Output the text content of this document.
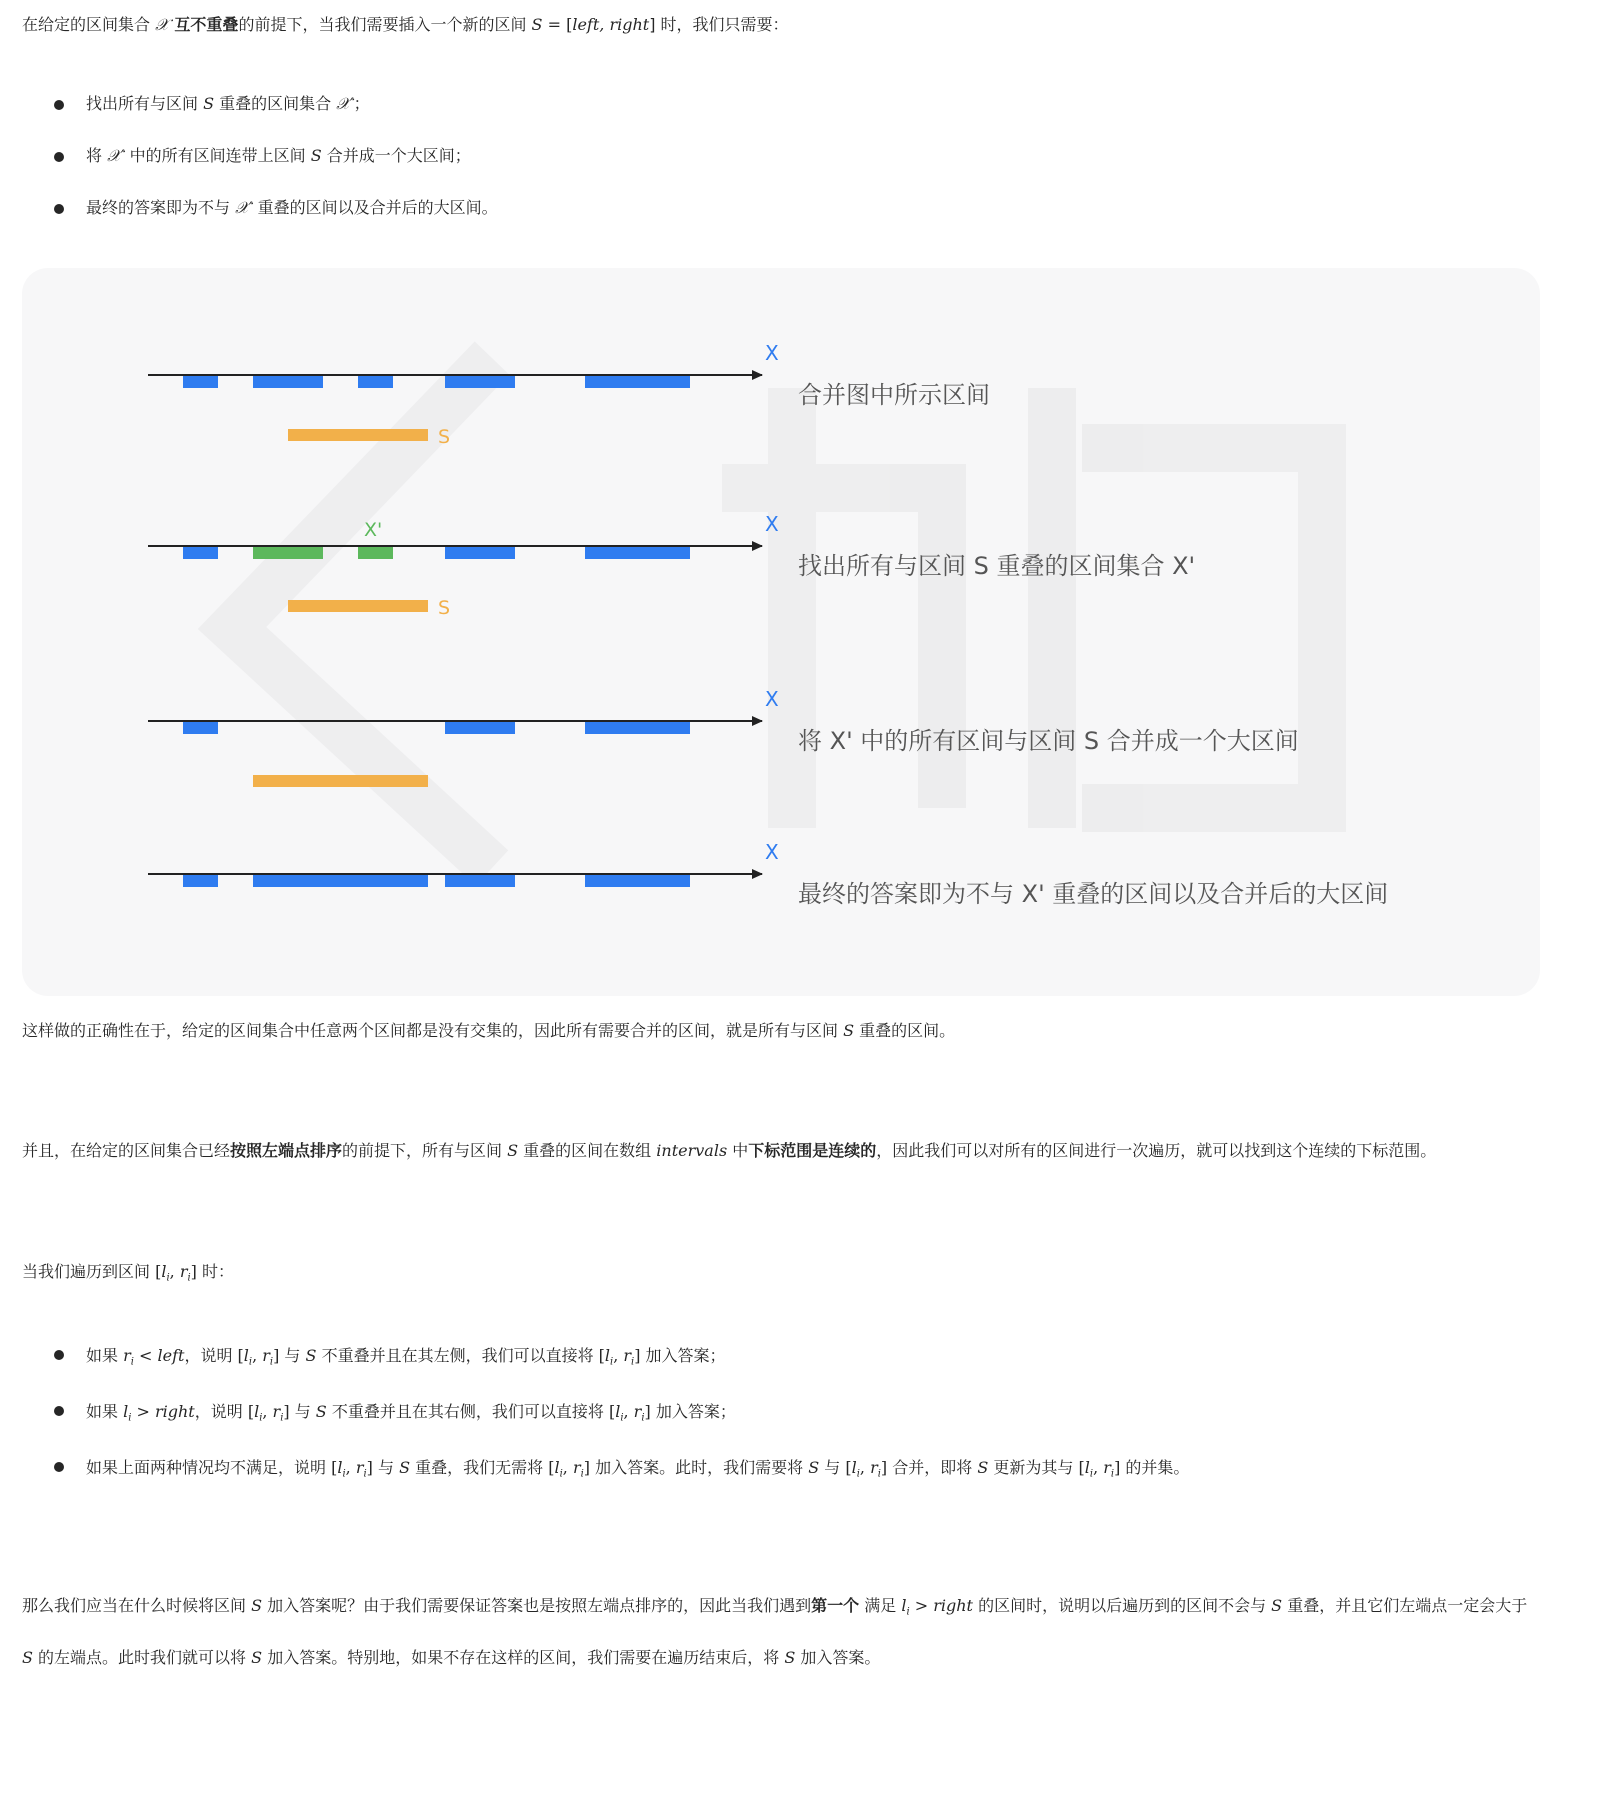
在给定的区间集合 𝒳 互不重叠的前提下，当我们需要插入一个新的区间 S = [left, right] 时，我们只需要：

找出所有与区间 S 重叠的区间集合 𝒳′；
将 𝒳′ 中的所有区间连带上区间 S 合并成一个大区间；
最终的答案即为不与 𝒳′ 重叠的区间以及合并后的大区间。
X
S
合并图中所示区间
X
X'
S
找出所有与区间 S 重叠的区间集合 X'
X
将 X' 中的所有区间与区间 S 合并成一个大区间
X
最终的答案即为不与 X' 重叠的区间以及合并后的大区间

这样做的正确性在于，给定的区间集合中任意两个区间都是没有交集的，因此所有需要合并的区间，就是所有与区间 S 重叠的区间。

并且，在给定的区间集合已经按照左端点排序的前提下，所有与区间 S 重叠的区间在数组 intervals 中下标范围是连续的，因此我们可以对所有的区间进行一次遍历，就可以找到这个连续的下标范围。

当我们遍历到区间 [$l_i$, $r_i$] 时：

如果 $r_i$ < left，说明 [$l_i$, $r_i$] 与 S 不重叠并且在其左侧，我们可以直接将 [$l_i$, $r_i$] 加入答案；
如果 $l_i$ > right，说明 [$l_i$, $r_i$] 与 S 不重叠并且在其右侧，我们可以直接将 [$l_i$, $r_i$] 加入答案；
如果上面两种情况均不满足，说明 [$l_i$, $r_i$] 与 S 重叠，我们无需将 [$l_i$, $r_i$] 加入答案。此时，我们需要将 S 与 [$l_i$, $r_i$] 合并，即将 S 更新为其与 [$l_i$, $r_i$] 的并集。

那么我们应当在什么时候将区间 S 加入答案呢？由于我们需要保证答案也是按照左端点排序的，因此当我们遇到第一个 满足 $l_i$ > right 的区间时，说明以后遍历到的区间不会与 S 重叠，并且它们左端点一定会大于 S 的左端点。此时我们就可以将 S 加入答案。特别地，如果不存在这样的区间，我们需要在遍历结束后，将 S 加入答案。
